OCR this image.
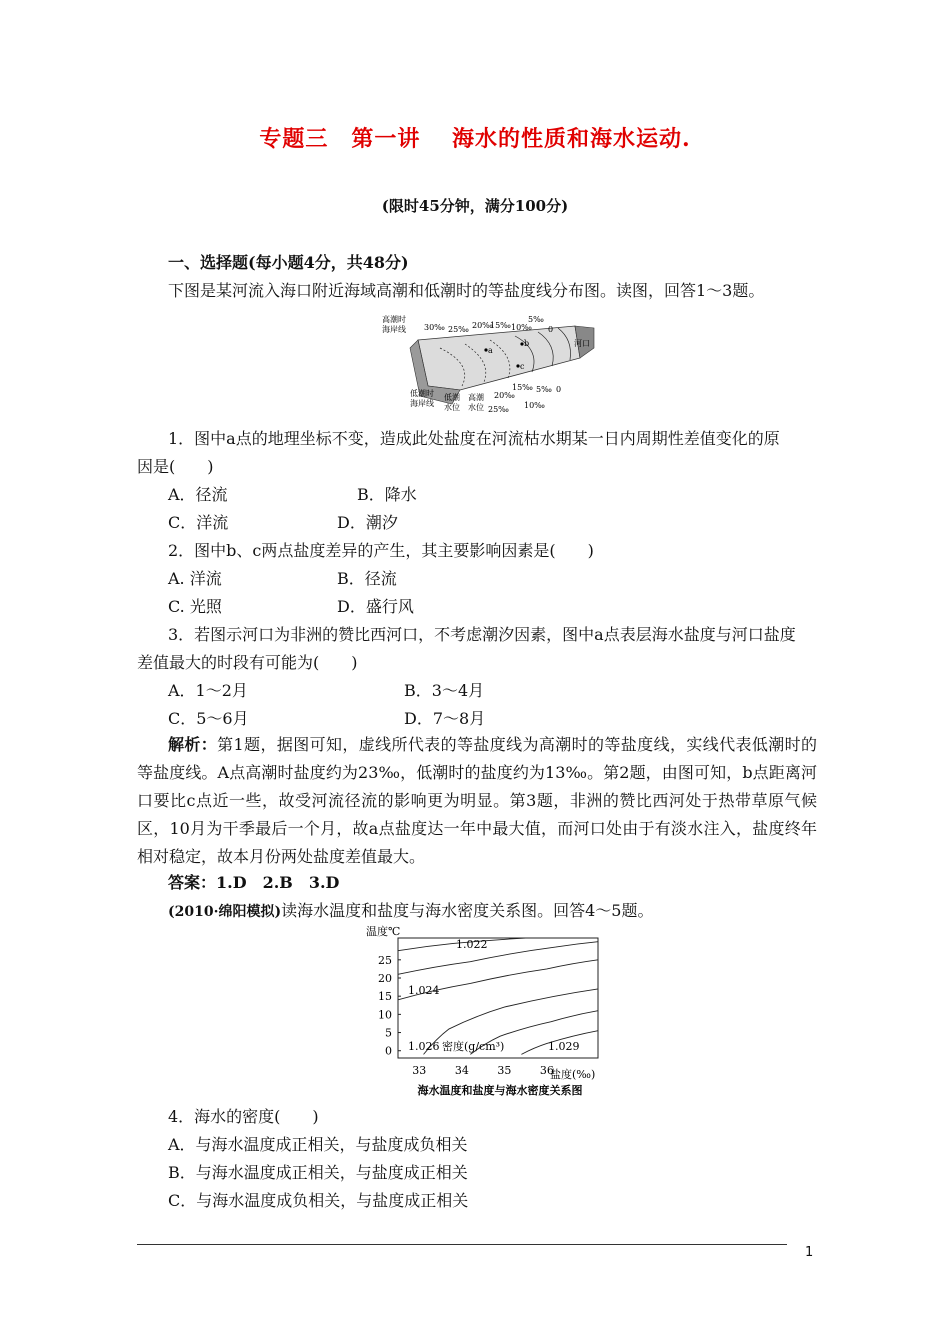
专题三　第一讲　 海水的性质和海水运动.
(限时45分钟，满分100分)
一、选择题(每小题4分，共48分)
下图是某河流入海口附近海域高潮和低潮时的等盐度线分布图。读图，回答1～3题。
a
b
c
高潮时
海岸线 30‰ 25‰ 20‰
15‰ 10‰
5‰
0
河口
低潮时
海岸线
低潮
水位
高潮
水位 25‰
20‰
15‰
10‰
5‰ 0
1．图中a点的地理坐标不变，造成此处盐度在河流枯水期某一日内周期性差值变化的原
因是(　　)
A．径流	B．降水
C．洋流	D．潮汐
2．图中b、c两点盐度差异的产生，其主要影响因素是(　　)
A. 洋流	B．径流
C. 光照	D．盛行风
3．若图示河口为非洲的赞比西河口，不考虑潮汐因素，图中a点表层海水盐度与河口盐度
差值最大的时段有可能为(　　)
A．1～2月	B．3～4月
C．5～6月	D．7～8月
解析：第1题，据图可知，虚线所代表的等盐度线为高潮时的等盐度线，实线代表低潮时的等盐度线。A点高潮时盐度约为23‰，低潮时的盐度约为13‰。第2题，由图可知，b点距离河口要比c点近一些，故受河流径流的影响更为明显。第3题，非洲的赞比西河处于热带草原气候区，10月为干季最后一个月，故a点盐度达一年中最大值，而河口处由于有淡水注入，盐度终年相对稳定，故本月份两处盐度差值最大。
答案：1.D　2.B　3.D
(2010·绵阳模拟)读海水温度和盐度与海水密度关系图。回答4～5题。
25
20
15
10
5
0
33	34	35	36
温度℃
盐度(‰)
密度(g/cm³)
1.022
1.024
1.026	1.029
海水温度和盐度与海水密度关系图
4．海水的密度(　　)
A．与海水温度成正相关，与盐度成负相关
B．与海水温度成正相关，与盐度成正相关
C．与海水温度成负相关，与盐度成正相关
1
